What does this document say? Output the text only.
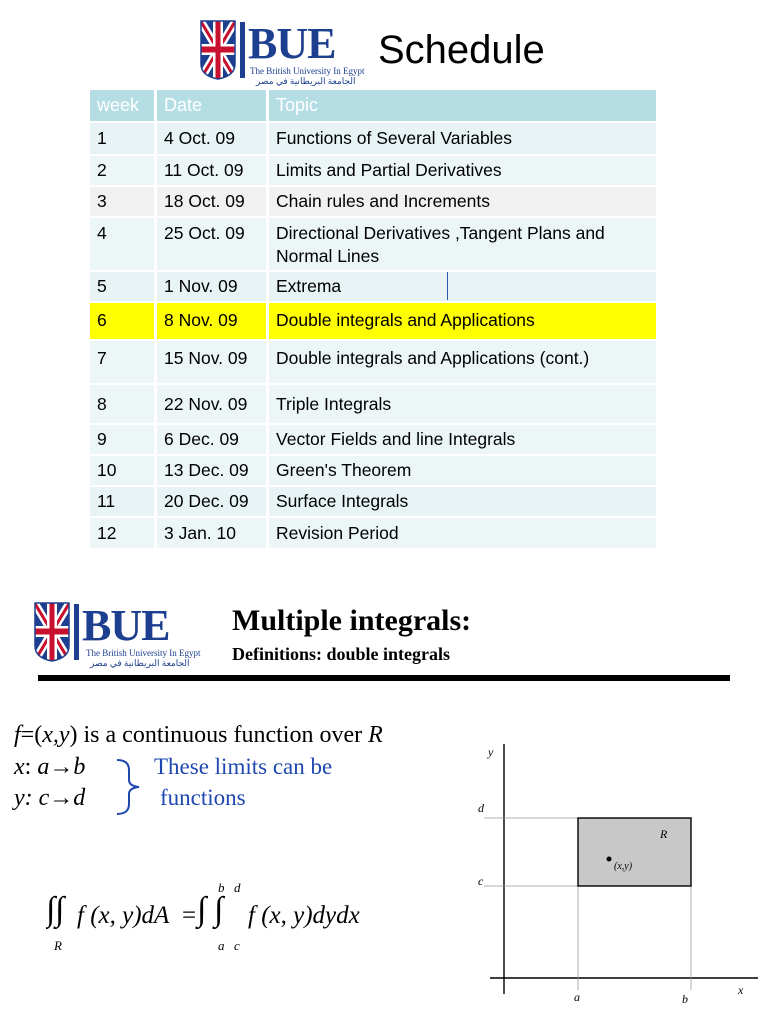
BUE
The British University In Egypt
الجامعة البريطانية في مصر
Schedule
week	Date	Topic
1	4 Oct. 09	Functions of Several Variables
2	11 Oct. 09	Limits and Partial Derivatives
3	18 Oct. 09	Chain rules and Increments
4	25 Oct. 09	Directional Derivatives ,Tangent Plans and Normal Lines
5	1 Nov. 09	Extrema
6	8 Nov. 09	Double integrals and Applications
7	15 Nov. 09	Double integrals and Applications (cont.)
8	22 Nov. 09	Triple Integrals
9	6 Dec. 09	Vector Fields and line Integrals
10	13 Dec. 09	Green's Theorem
11	20 Dec. 09	Surface Integrals
12	3 Jan. 10	Revision Period
BUE
The British University In Egypt
الجامعة البريطانية في مصر
Multiple integrals:
Definitions: double integrals
f=(x,y) is a continuous function over R
x: a→b
y: c→d
These limits can be
functions
∫ ∫
R
f (x, y)dA = ∫ ∫
b
a
d
c
f (x, y)dydx
y
x
d
c
a	b
R
(x,y)
